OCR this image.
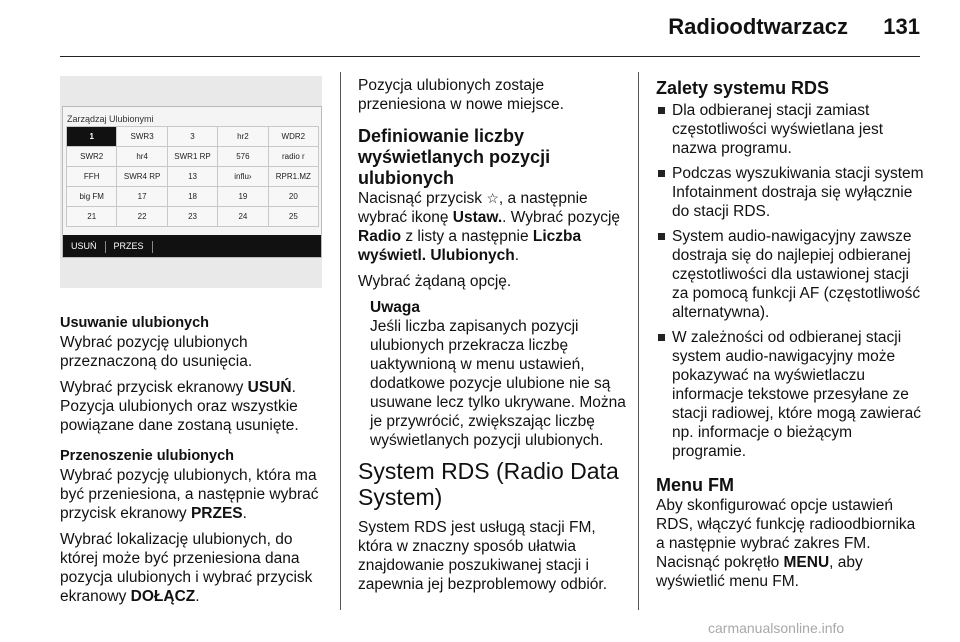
Radioodtwarzacz 131
Zarządzaj Ulubionymi
1	SWR3	3	hr2	WDR2
SWR2	hr4	SWR1 RP	576	radio r
FFH	SWR4 RP	13	influ›	RPR1.MZ
big FM	17	18	19	20
21	22	23	24	25
USUŃ PRZES

Usuwanie ulubionych

Wybrać pozycję ulubionych przeznaczoną do usunięcia.

Wybrać przycisk ekranowy USUŃ. Pozycja ulubionych oraz wszystkie powiązane dane zostaną usunięte.

Przenoszenie ulubionych

Wybrać pozycję ulubionych, która ma być przeniesiona, a następnie wybrać przycisk ekranowy PRZES.

Wybrać lokalizację ulubionych, do której może być przeniesiona dana pozycja ulubionych i wybrać przycisk ekranowy DOŁĄCZ.

Pozycja ulubionych zostaje przeniesiona w nowe miejsce.

Definiowanie liczby wyświetlanych pozycji ulubionych

Nacisnąć przycisk ☆, a następnie wybrać ikonę Ustaw.. Wybrać pozycję Radio z listy a następnie Liczba wyświetl. Ulubionych.

Wybrać żądaną opcję.

Uwaga

Jeśli liczba zapisanych pozycji ulubionych przekracza liczbę uaktywnioną w menu ustawień, dodatkowe pozycje ulubione nie są usuwane lecz tylko ukrywane. Można je przywrócić, zwiększając liczbę wyświetlanych pozycji ulubionych.

System RDS (Radio Data System)

System RDS jest usługą stacji FM, która w znaczny sposób ułatwia znajdowanie poszukiwanej stacji i zapewnia jej bezproblemowy odbiór.

Zalety systemu RDS
Dla odbieranej stacji zamiast częstotliwości wyświetlana jest nazwa programu.
Podczas wyszukiwania stacji system Infotainment dostraja się wyłącznie do stacji RDS.
System audio-nawigacyjny zawsze dostraja się do najlepiej odbieranej częstotliwości dla ustawionej stacji za pomocą funkcji AF (częstotliwość alternatywna).
W zależności od odbieranej stacji system audio-nawigacyjny może pokazywać na wyświetlaczu informacje tekstowe przesyłane ze stacji radiowej, które mogą zawierać np. informacje o bieżącym programie.
Menu FM

Aby skonfigurować opcje ustawień RDS, włączyć funkcję radioodbiornika a następnie wybrać zakres FM. Nacisnąć pokrętło MENU, aby wyświetlić menu FM.

carmanualsonline.info
